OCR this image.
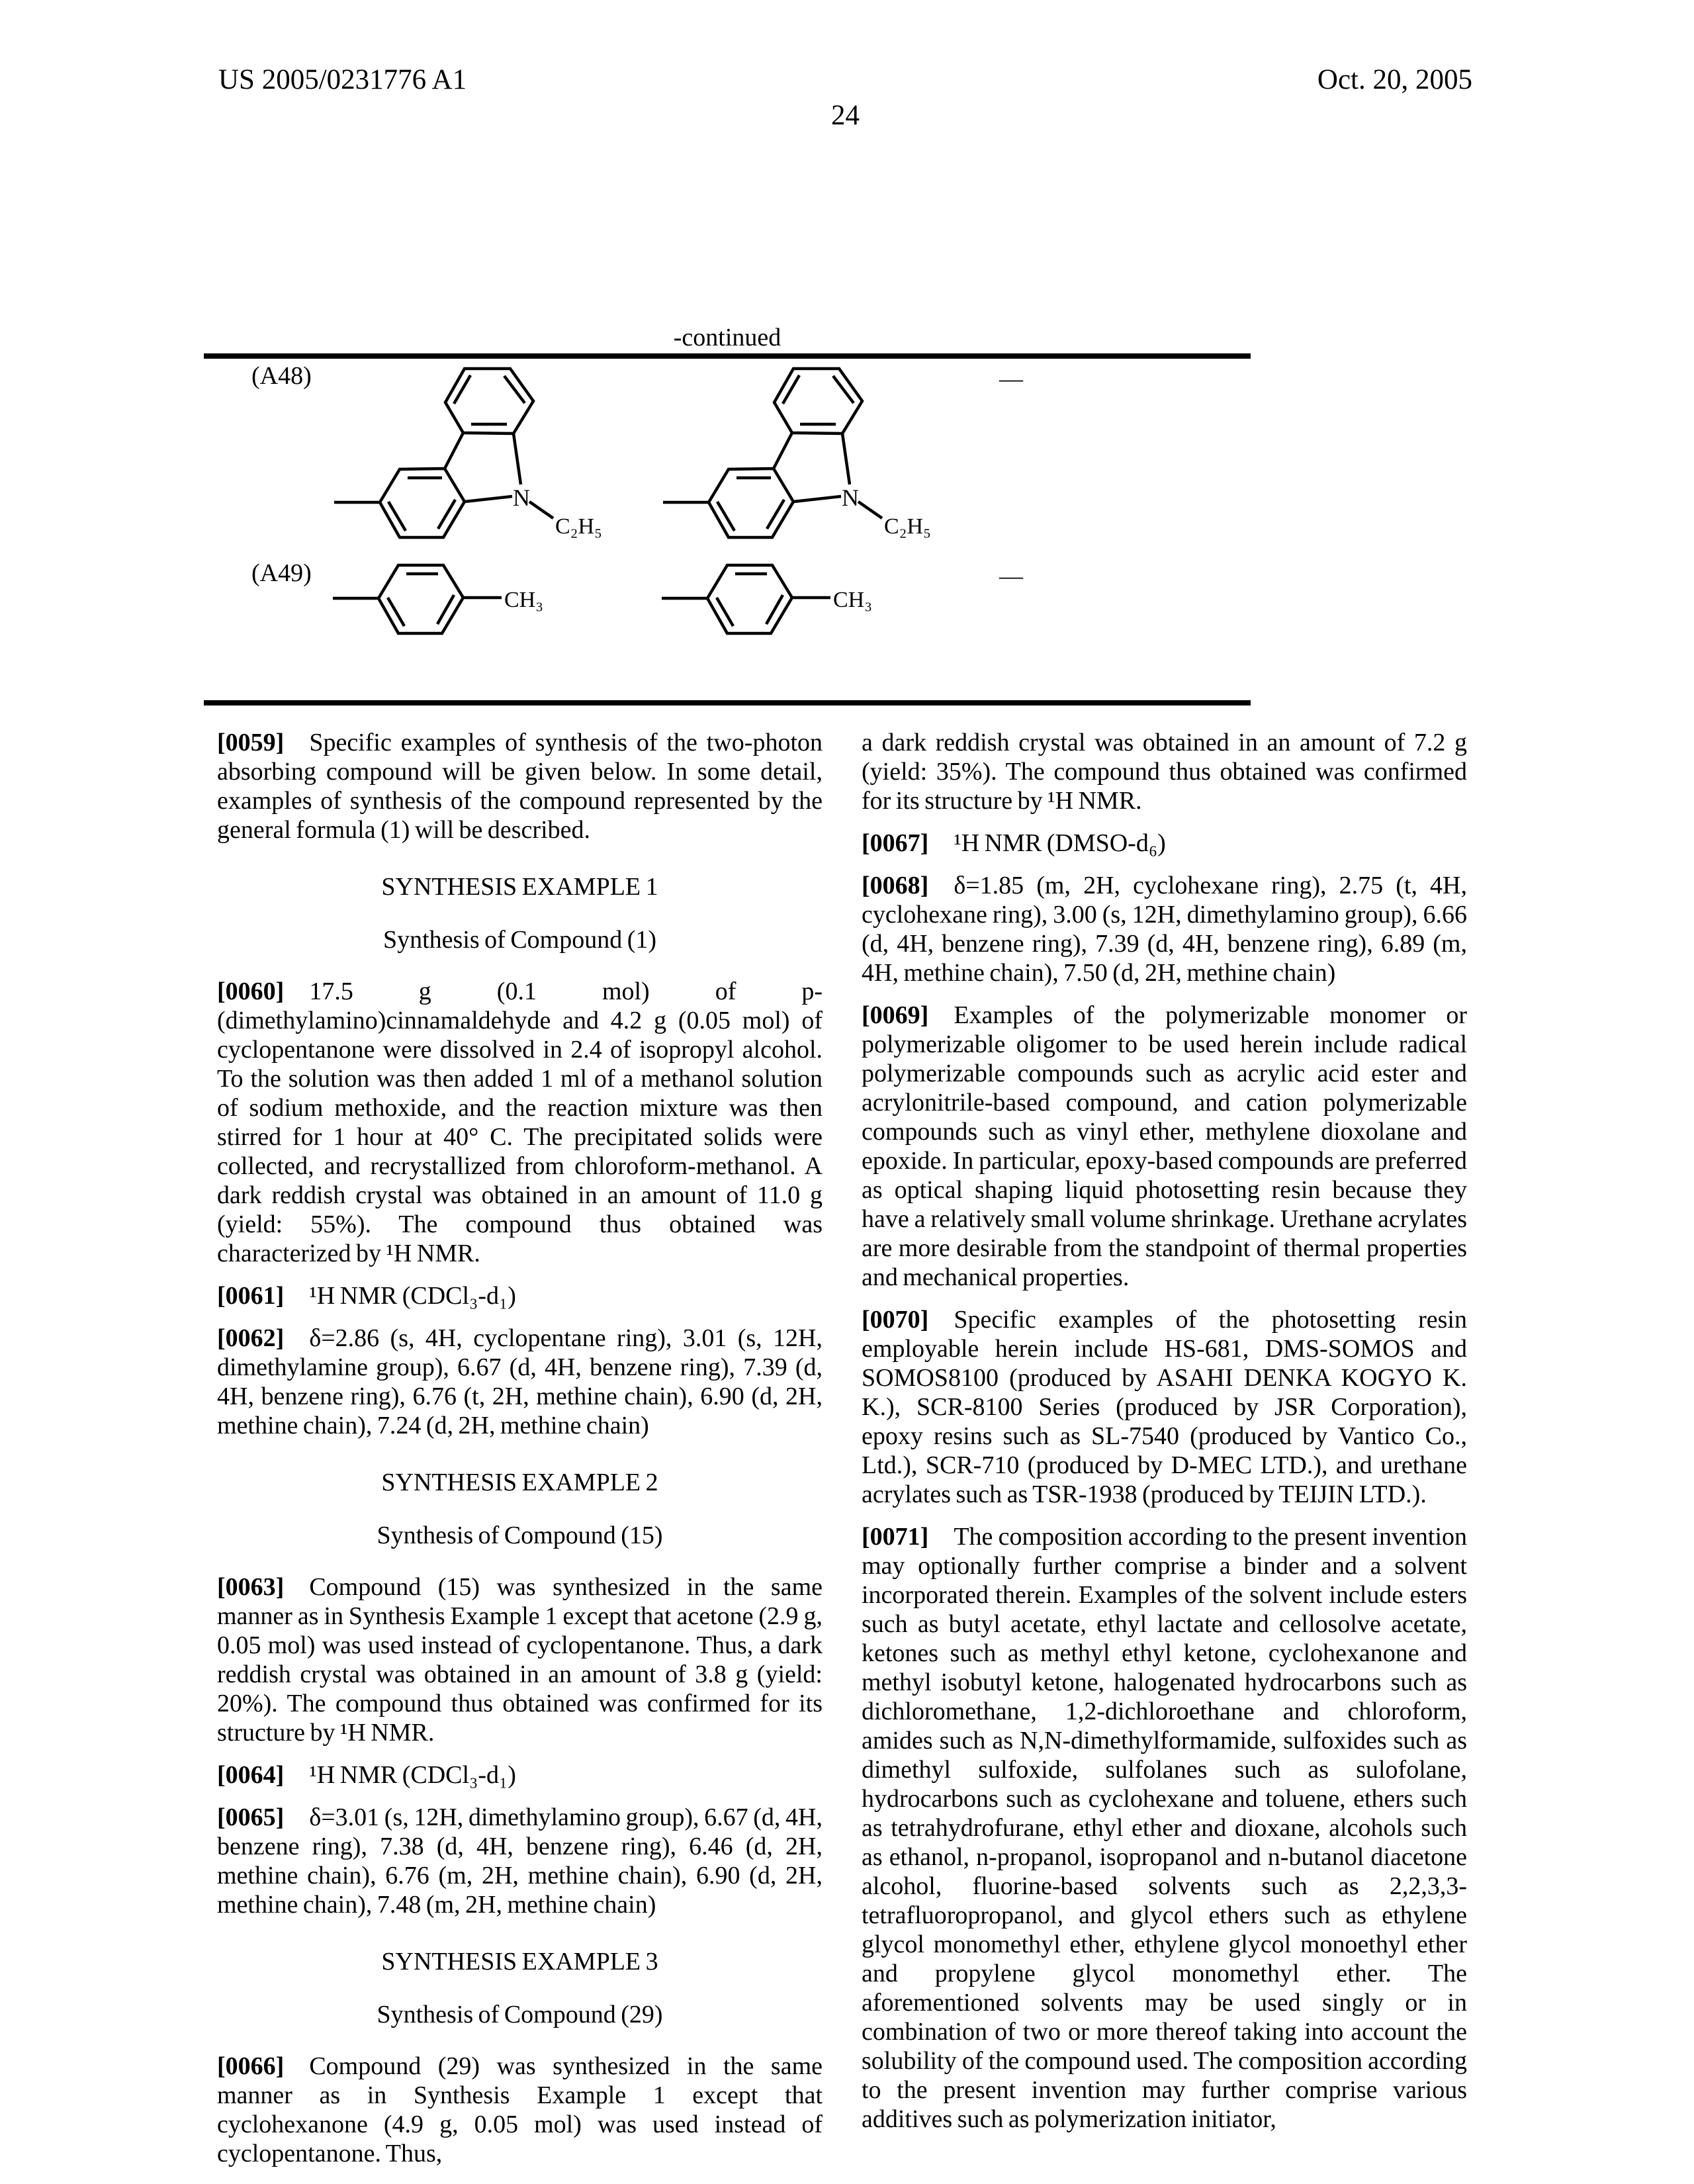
US 2005/0231776 A1	Oct. 20, 2005
24
-continued
(A48)	—
N
C₂H₅
N
C₂H₅
(A49)	—
CH₃	CH₃

[0059] Specific examples of synthesis of the two-photon absorbing compound will be given below. In some detail, examples of synthesis of the compound represented by the general formula (1) will be described.

SYNTHESIS EXAMPLE 1

Synthesis of Compound (1)

[0060] 17.5 g (0.1 mol) of p-(dimethylamino)cinnamaldehyde and 4.2 g (0.05 mol) of cyclopentanone were dissolved in 2.4 of isopropyl alcohol. To the solution was then added 1 ml of a methanol solution of sodium methoxide, and the reaction mixture was then stirred for 1 hour at 40° C. The precipitated solids were collected, and recrystallized from chloroform-methanol. A dark reddish crystal was obtained in an amount of 11.0 g (yield: 55%). The compound thus obtained was characterized by ¹H NMR.

[0061] ¹H NMR (CDCl₃-d₁)

[0062] δ=2.86 (s, 4H, cyclopentane ring), 3.01 (s, 12H, dimethylamine group), 6.67 (d, 4H, benzene ring), 7.39 (d, 4H, benzene ring), 6.76 (t, 2H, methine chain), 6.90 (d, 2H, methine chain), 7.24 (d, 2H, methine chain)

SYNTHESIS EXAMPLE 2

Synthesis of Compound (15)

[0063] Compound (15) was synthesized in the same manner as in Synthesis Example 1 except that acetone (2.9 g, 0.05 mol) was used instead of cyclopentanone. Thus, a dark reddish crystal was obtained in an amount of 3.8 g (yield: 20%). The compound thus obtained was confirmed for its structure by ¹H NMR.

[0064] ¹H NMR (CDCl₃-d₁)

[0065] δ=3.01 (s, 12H, dimethylamino group), 6.67 (d, 4H, benzene ring), 7.38 (d, 4H, benzene ring), 6.46 (d, 2H, methine chain), 6.76 (m, 2H, methine chain), 6.90 (d, 2H, methine chain), 7.48 (m, 2H, methine chain)

SYNTHESIS EXAMPLE 3

Synthesis of Compound (29)

[0066] Compound (29) was synthesized in the same manner as in Synthesis Example 1 except that cyclohexanone (4.9 g, 0.05 mol) was used instead of cyclopentanone. Thus,

a dark reddish crystal was obtained in an amount of 7.2 g (yield: 35%). The compound thus obtained was confirmed for its structure by ¹H NMR.

[0067] ¹H NMR (DMSO-d₆)

[0068] δ=1.85 (m, 2H, cyclohexane ring), 2.75 (t, 4H, cyclohexane ring), 3.00 (s, 12H, dimethylamino group), 6.66 (d, 4H, benzene ring), 7.39 (d, 4H, benzene ring), 6.89 (m, 4H, methine chain), 7.50 (d, 2H, methine chain)

[0069] Examples of the polymerizable monomer or polymerizable oligomer to be used herein include radical polymerizable compounds such as acrylic acid ester and acrylonitrile-based compound, and cation polymerizable compounds such as vinyl ether, methylene dioxolane and epoxide. In particular, epoxy-based compounds are preferred as optical shaping liquid photosetting resin because they have a relatively small volume shrinkage. Urethane acrylates are more desirable from the standpoint of thermal properties and mechanical properties.

[0070] Specific examples of the photosetting resin employable herein include HS-681, DMS-SOMOS and SOMOS8100 (produced by ASAHI DENKA KOGYO K. K.), SCR-8100 Series (produced by JSR Corporation), epoxy resins such as SL-7540 (produced by Vantico Co., Ltd.), SCR-710 (produced by D-MEC LTD.), and urethane acrylates such as TSR-1938 (produced by TEIJIN LTD.).

[0071] The composition according to the present invention may optionally further comprise a binder and a solvent incorporated therein. Examples of the solvent include esters such as butyl acetate, ethyl lactate and cellosolve acetate, ketones such as methyl ethyl ketone, cyclohexanone and methyl isobutyl ketone, halogenated hydrocarbons such as dichloromethane, 1,2-dichloroethane and chloroform, amides such as N,N-dimethylformamide, sulfoxides such as dimethyl sulfoxide, sulfolanes such as sulofolane, hydrocarbons such as cyclohexane and toluene, ethers such as tetrahydrofurane, ethyl ether and dioxane, alcohols such as ethanol, n-propanol, isopropanol and n-butanol diacetone alcohol, fluorine-based solvents such as 2,2,3,3-tetrafluoropropanol, and glycol ethers such as ethylene glycol monomethyl ether, ethylene glycol monoethyl ether and propylene glycol monomethyl ether. The aforementioned solvents may be used singly or in combination of two or more thereof taking into account the solubility of the compound used. The composition according to the present invention may further comprise various additives such as polymerization initiator,
